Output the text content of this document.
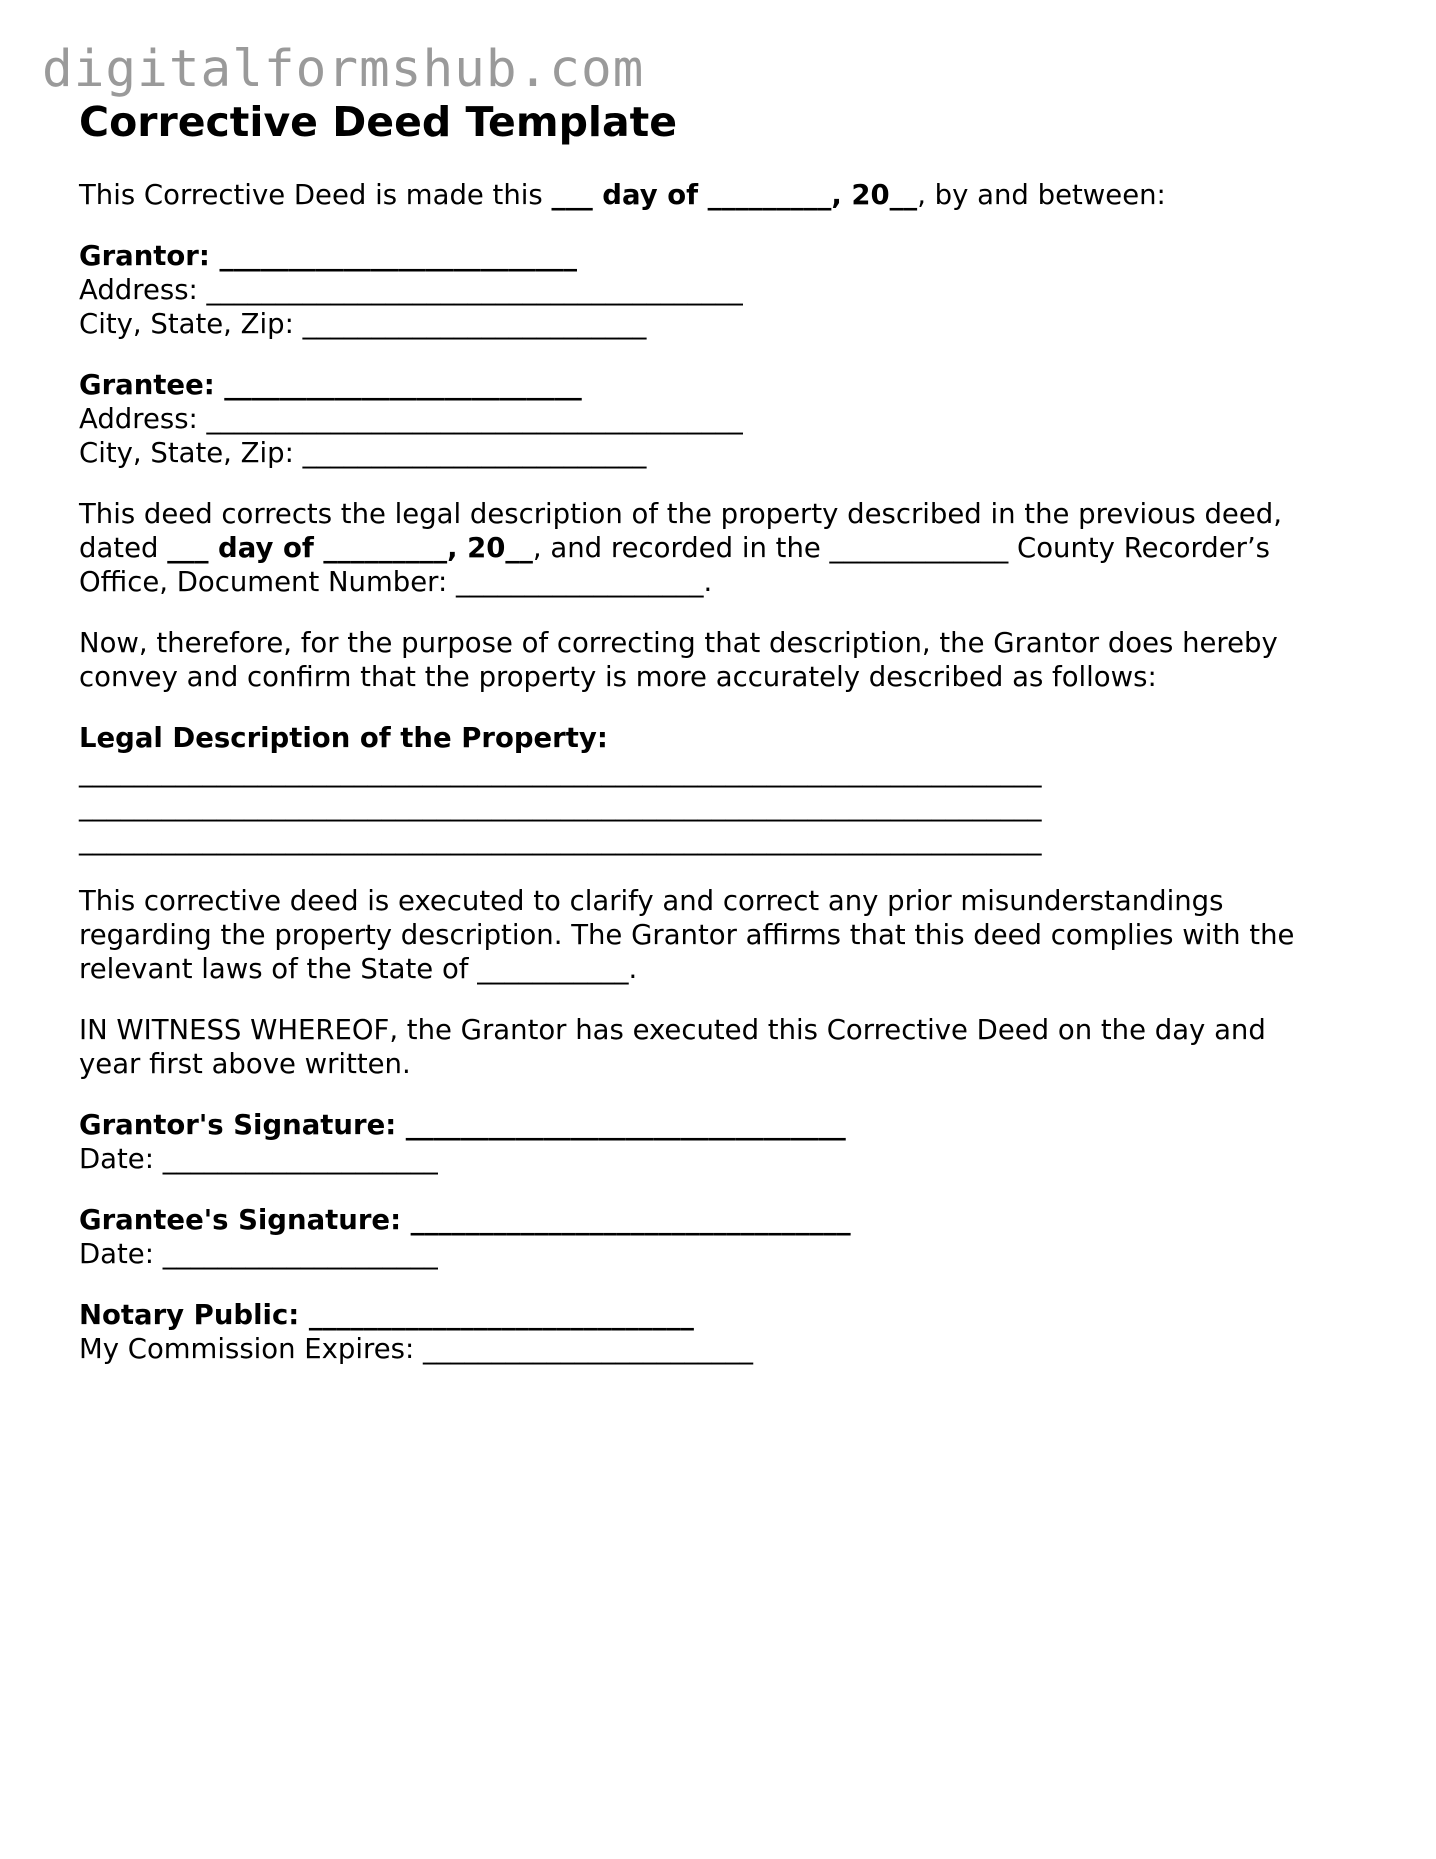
digitalformshub.com
Corrective Deed Template
This Corrective Deed is made this ___ day of _________, 20__, by and between:
Grantor: __________________________
Address: _______________________________________
City, State, Zip: _________________________
Grantee: __________________________
Address: _______________________________________
City, State, Zip: _________________________
This deed corrects the legal description of the property described in the previous deed,
dated ___ day of _________, 20__, and recorded in the _____________ County Recorder’s
Office, Document Number: __________________.
Now, therefore, for the purpose of correcting that description, the Grantor does hereby
convey and confirm that the property is more accurately described as follows:
Legal Description of the Property:
______________________________________________________________________
______________________________________________________________________
______________________________________________________________________
This corrective deed is executed to clarify and correct any prior misunderstandings
regarding the property description. The Grantor affirms that this deed complies with the
relevant laws of the State of ___________.
IN WITNESS WHEREOF, the Grantor has executed this Corrective Deed on the day and
year first above written.
Grantor's Signature: ________________________________
Date: ____________________
Grantee's Signature: ________________________________
Date: ____________________
Notary Public: ____________________________
My Commission Expires: ________________________
